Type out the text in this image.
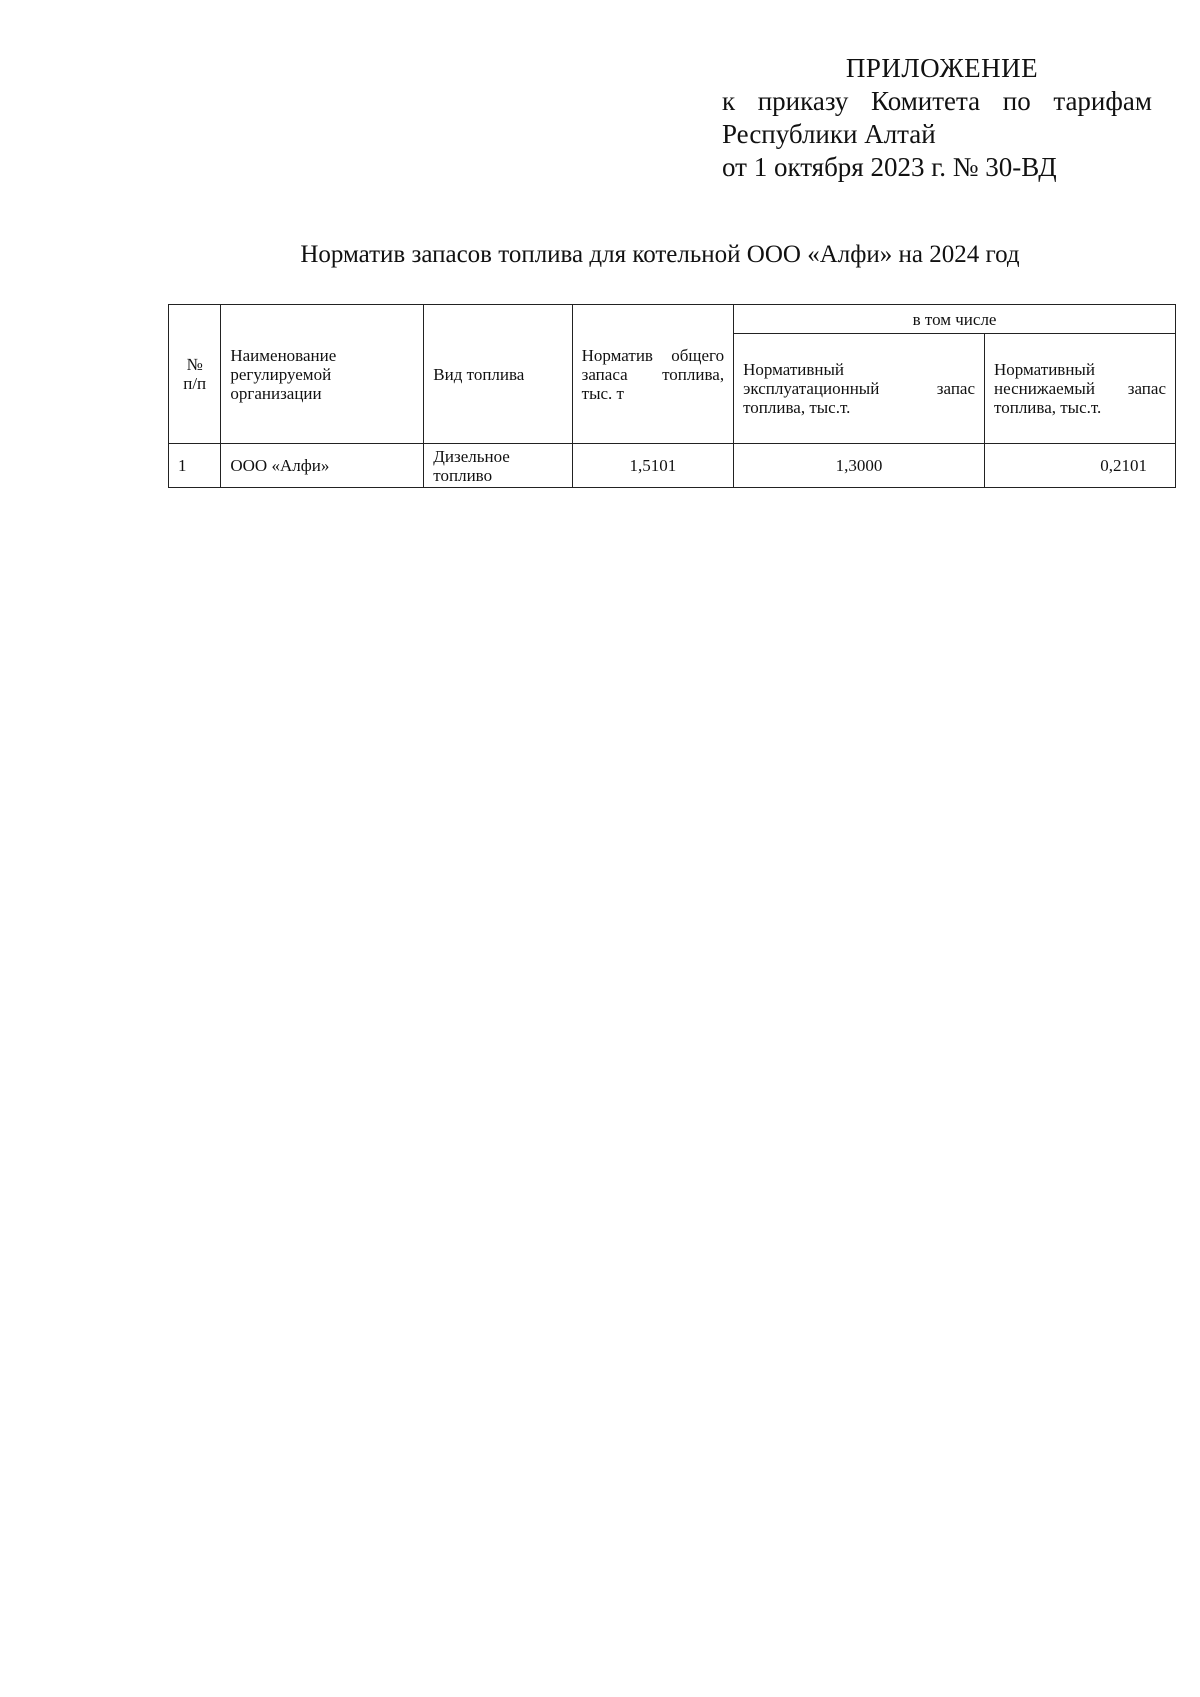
ПРИЛОЖЕНИЕ
к приказу Комитета по тарифам
Республики Алтай
от 1 октября 2023 г. № 30-ВД
Норматив запасов топлива для котельной ООО «Алфи» на 2024 год
№ п/п	Наименование регулируемой организации	Вид топлива	Норматив общего запаса топлива, тыс. т	в том числе	
				Нормативный эксплуатационный запас топлива, тыс.т.	Нормативный неснижаемый запас топлива, тыс.т.
1	ООО «Алфи»	Дизельное топливо	1,5101	1,3000	0,2101
